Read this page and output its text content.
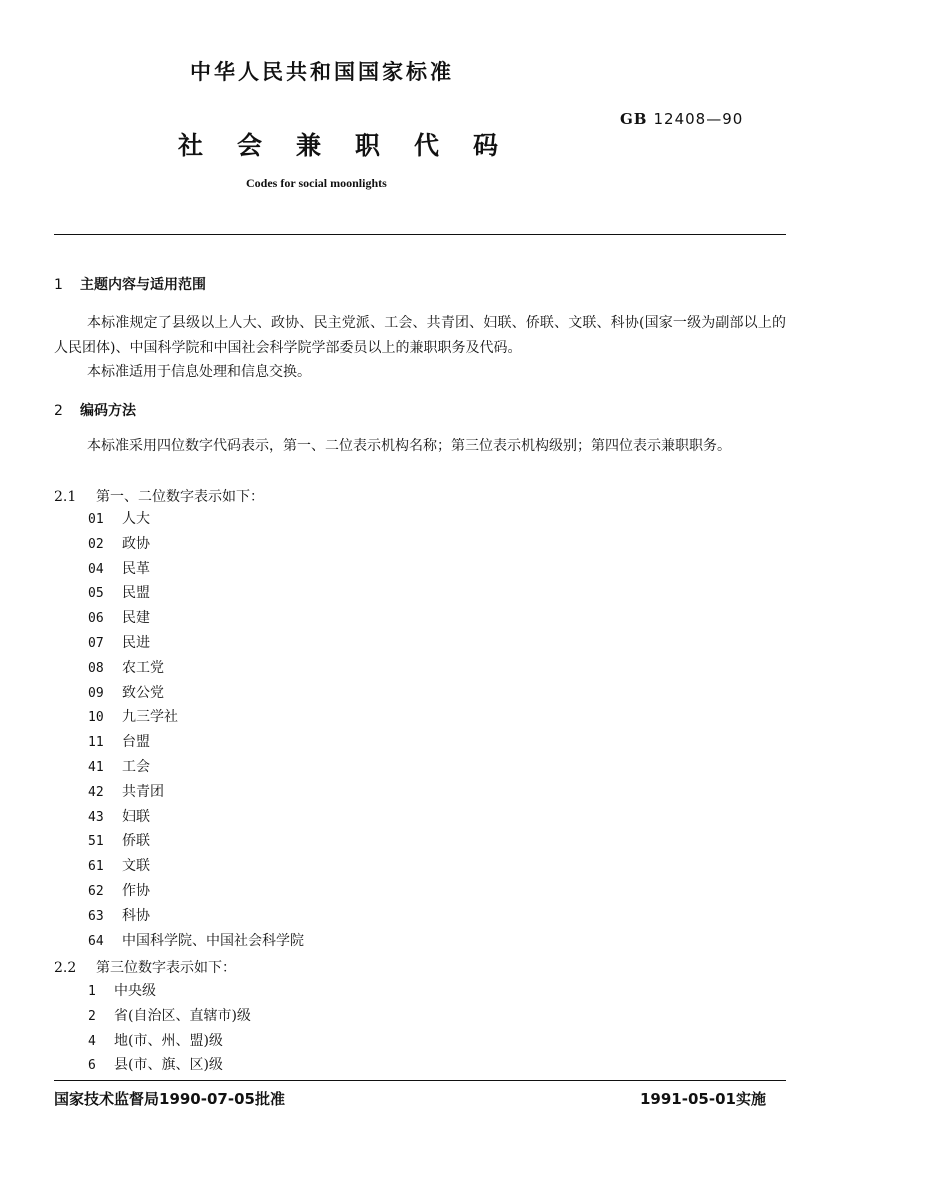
中华人民共和国国家标准
GB 12408—90
社会兼职代码
Codes for social moonlights
1 主题内容与适用范围
本标准规定了县级以上人大、政协、民主党派、工会、共青团、妇联、侨联、文联、科协(国家一级为副部以上的人民团体)、中国科学院和中国社会科学院学部委员以上的兼职职务及代码。
本标准适用于信息处理和信息交换。
2 编码方法
本标准采用四位数字代码表示，第一、二位表示机构名称；第三位表示机构级别；第四位表示兼职职务。
2.1 第一、二位数字表示如下：
01 人大
02 政协
04 民革
05 民盟
06 民建
07 民进
08 农工党
09 致公党
10 九三学社
11 台盟
41 工会
42 共青团
43 妇联
51 侨联
61 文联
62 作协
63 科协
64 中国科学院、中国社会科学院
2.2 第三位数字表示如下：
1 中央级
2 省(自治区、直辖市)级
4 地(市、州、盟)级
6 县(市、旗、区)级
国家技术监督局1990-07-05批准	1991-05-01实施
